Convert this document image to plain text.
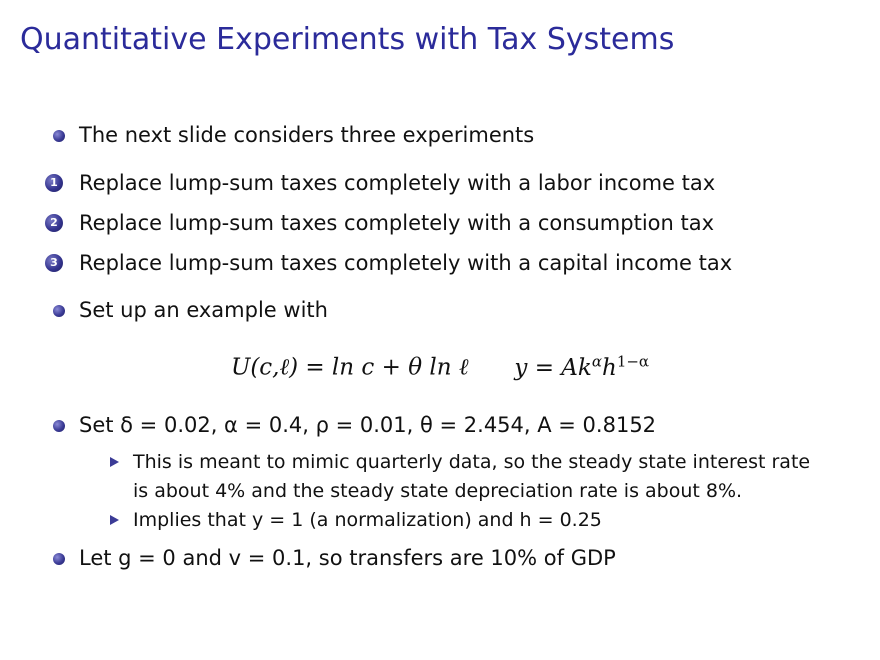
Quantitative Experiments with Tax Systems
The next slide considers three experiments
1 Replace lump-sum taxes completely with a labor income tax
2 Replace lump-sum taxes completely with a consumption tax
3 Replace lump-sum taxes completely with a capital income tax
Set up an example with
U(c,ℓ) = ln c + θ ln ℓ $y = Ak^\alpha h^{1-\alpha}$
Set δ = 0.02, α = 0.4, ρ = 0.01, θ = 2.454, A = 0.8152
This is meant to mimic quarterly data, so the steady state interest rate
is about 4% and the steady state depreciation rate is about 8%.
Implies that y = 1 (a normalization) and h = 0.25
Let g = 0 and v = 0.1, so transfers are 10% of GDP
